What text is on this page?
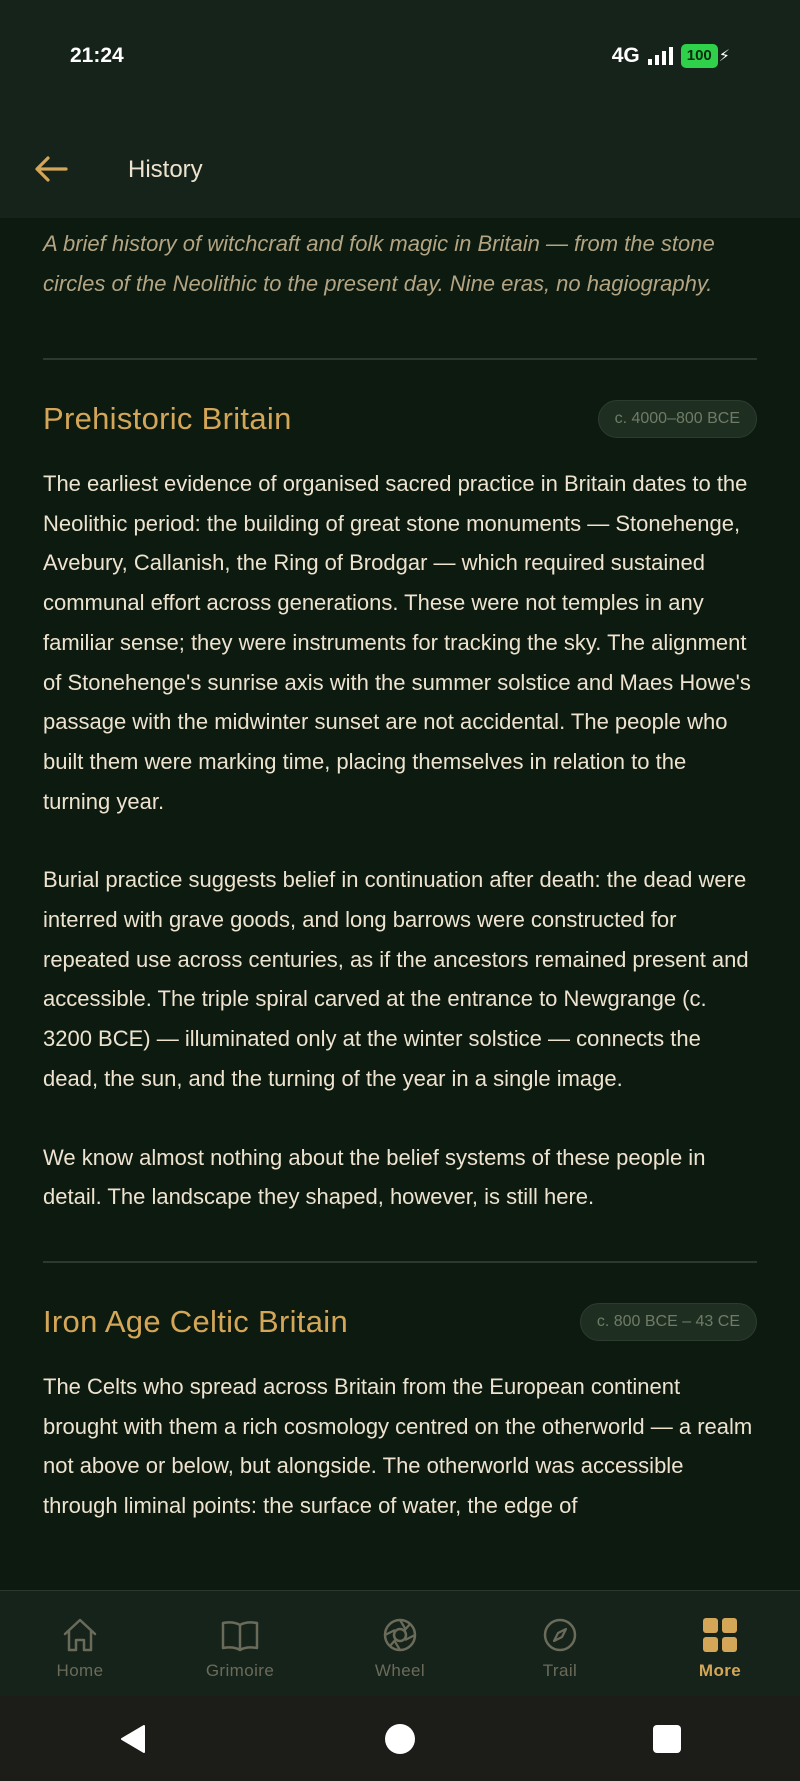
21:24	4G	100 ⚡
History

A brief history of witchcraft and folk magic in Britain — from the stone circles of the Neolithic to the present day. Nine eras, no hagiography.

Prehistoric Britain	c. 4000–800 BCE

The earliest evidence of organised sacred practice in Britain dates to the Neolithic period: the building of great stone monuments — Stonehenge, Avebury, Callanish, the Ring of Brodgar — which required sustained communal effort across generations. These were not temples in any familiar sense; they were instruments for tracking the sky. The alignment of Stonehenge's sunrise axis with the summer solstice and Maes Howe's passage with the midwinter sunset are not accidental. The people who built them were marking time, placing themselves in relation to the turning year.

Burial practice suggests belief in continuation after death: the dead were interred with grave goods, and long barrows were constructed for repeated use across centuries, as if the ancestors remained present and accessible. The triple spiral carved at the entrance to Newgrange (c. 3200 BCE) — illuminated only at the winter solstice — connects the dead, the sun, and the turning of the year in a single image.

We know almost nothing about the belief systems of these people in detail. The landscape they shaped, however, is still here.

Iron Age Celtic Britain	c. 800 BCE – 43 CE

The Celts who spread across Britain from the European continent brought with them a rich cosmology centred on the otherworld — a realm not above or below, but alongside. The otherworld was accessible through liminal points: the surface of water, the edge of

Home	Grimoire	Wheel	Trail	More
